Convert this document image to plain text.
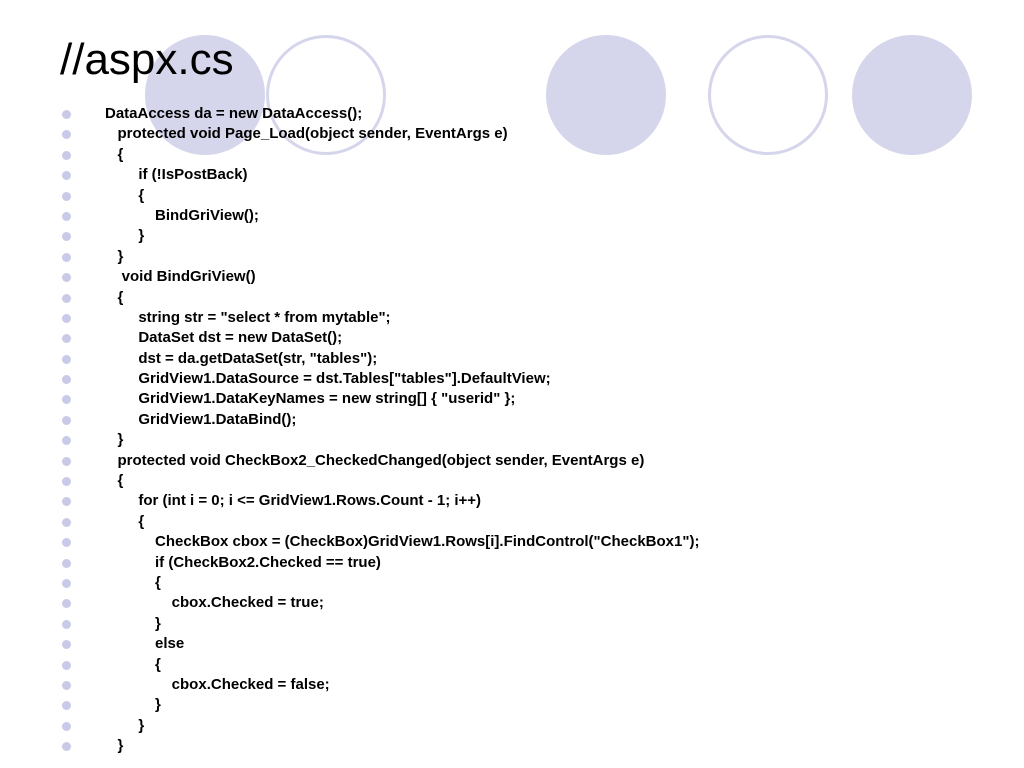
//aspx.cs
DataAccess da = new DataAccess();
protected void Page_Load(object sender, EventArgs e)
{
if (!IsPostBack)
{
BindGriView();
}
}
void BindGriView()
{
string str = "select * from mytable";
DataSet dst = new DataSet();
dst = da.getDataSet(str, "tables");
GridView1.DataSource = dst.Tables["tables"].DefaultView;
GridView1.DataKeyNames = new string[] { "userid" };
GridView1.DataBind();
}
protected void CheckBox2_CheckedChanged(object sender, EventArgs e)
{
for (int i = 0; i <= GridView1.Rows.Count - 1; i++)
{
CheckBox cbox = (CheckBox)GridView1.Rows[i].FindControl("CheckBox1");
if (CheckBox2.Checked == true)
{
cbox.Checked = true;
}
else
{
cbox.Checked = false;
}
}
}
